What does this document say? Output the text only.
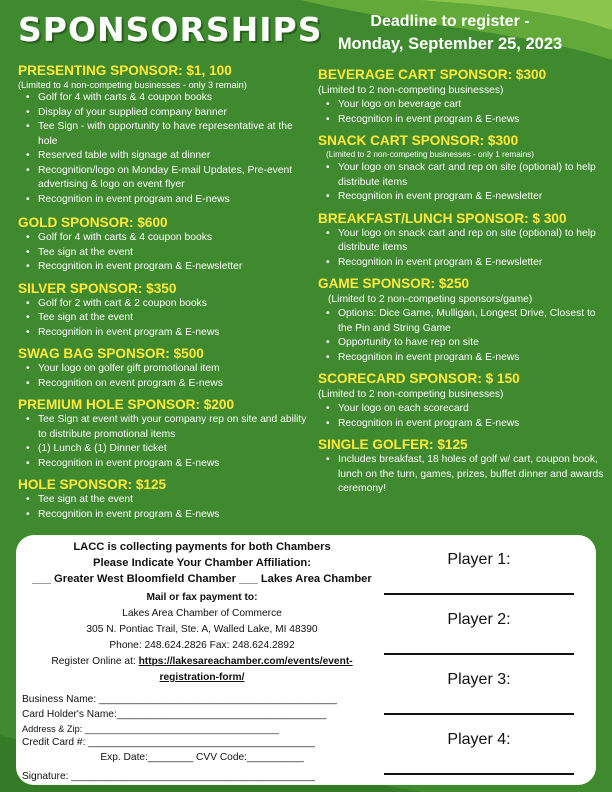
SPONSORSHIPS	Deadline to register -
Monday, September 25, 2023
PRESENTING SPONSOR: $1, 100

(Limited to 4 non-competing businesses - only 3 remain)

• Golf for 4 with carts & 4 coupon books
• Display of your supplied company banner
• Tee Sign - with opportunity to have representative at the hole
• Reserved table with signage at dinner
• Recognition/logo on Monday E-mail Updates, Pre-event advertising & logo on event flyer
• Recognition in event program and E-news
GOLD SPONSOR: $600
• Golf for 4 with carts & 4 coupon books
• Tee sign at the event
• Recognition in event program & E-newsletter
SILVER SPONSOR: $350
• Golf for 2 with cart & 2 coupon books
• Tee sign at the event
• Recognition in event program & E-news
SWAG BAG SPONSOR: $500
• Your logo on golfer gift promotional item
• Recognition on event program & E-news
PREMIUM HOLE SPONSOR: $200
• Tee Sign at event with your company rep on site and ability to distribute promotional items
• (1) Lunch & (1) Dinner ticket
• Recognition in event program & E-news
HOLE SPONSOR: $125
• Tee sign at the event
• Recognition in event program & E-news
BEVERAGE CART SPONSOR: $300

(Limited to 2 non-competing businesses)

• Your logo on beverage cart
• Recognition in event program & E-news
SNACK CART SPONSOR: $300

(Limited to 2 non-competing businesses - only 1 remains)

• Your logo on snack cart and rep on site (optional) to help distribute items
• Recognition in event program & E-newsletter
BREAKFAST/LUNCH SPONSOR: $ 300
• Your logo on snack cart and rep on site (optional) to help distribute items
• Recognition in event program & E-newsletter
GAME SPONSOR: $250

(Limited to 2 non-competing sponsors/game)

• Options: Dice Game, Mulligan, Longest Drive, Closest to the Pin and String Game
• Opportunity to have rep on site
• Recognition in event program & E-news
SCORECARD SPONSOR: $ 150

(Limited to 2 non-competing businesses)

• Your logo on each scorecard
• Recognition in event program & E-news
SINGLE GOLFER: $125
• Includes breakfast, 18 holes of golf w/ cart, coupon book, lunch on the turn, games, prizes, buffet dinner and awards ceremony!
LACC is collecting payments for both Chambers
Please Indicate Your Chamber Affiliation:
___ Greater West Bloomfield Chamber ___ Lakes Area Chamber
Mail or fax payment to:
Lakes Area Chamber of Commerce
305 N. Pontiac Trail, Ste. A, Walled Lake, MI 48390
Phone: 248.624.2826 Fax: 248.624.2892
Register Online at: https://lakesareachamber.com/events/event-
registration-form/
Business Name: __________________________________________
Card Holder's Name:_____________________________________
Address & Zip: ______________________________________
Credit Card #: ________________________________________
Exp. Date:________ CVV Code:__________
Signature: ___________________________________________
Player 1:
Player 2:
Player 3:
Player 4:
